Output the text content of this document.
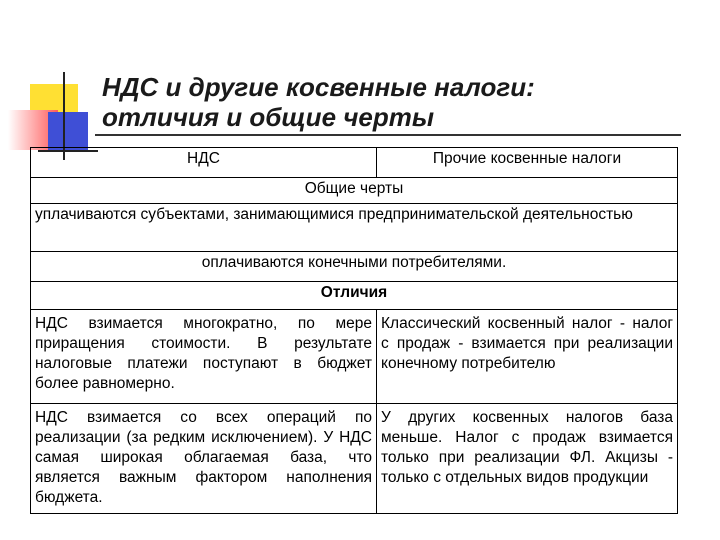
НДС и другие косвенные налоги:
отличия и общие черты
НДС	Прочие косвенные налоги
Общие черты	
уплачиваются субъектами, занимающимися предпринимательской деятельностью	
оплачиваются конечными потребителями.	
Отличия	
НДС взимается многократно, по мере приращения стоимости. В результате налоговые платежи поступают в бюджет более равномерно.	Классический косвенный налог - налог с продаж - взимается при реализации конечному потребителю
НДС взимается со всех операций по реализации (за редким исключением). У НДС самая широкая облагаемая база, что является важным фактором наполнения бюджета.	У других косвенных налогов база меньше. Налог с продаж взимается только при реализации ФЛ. Акцизы - только с отдельных видов продукции
